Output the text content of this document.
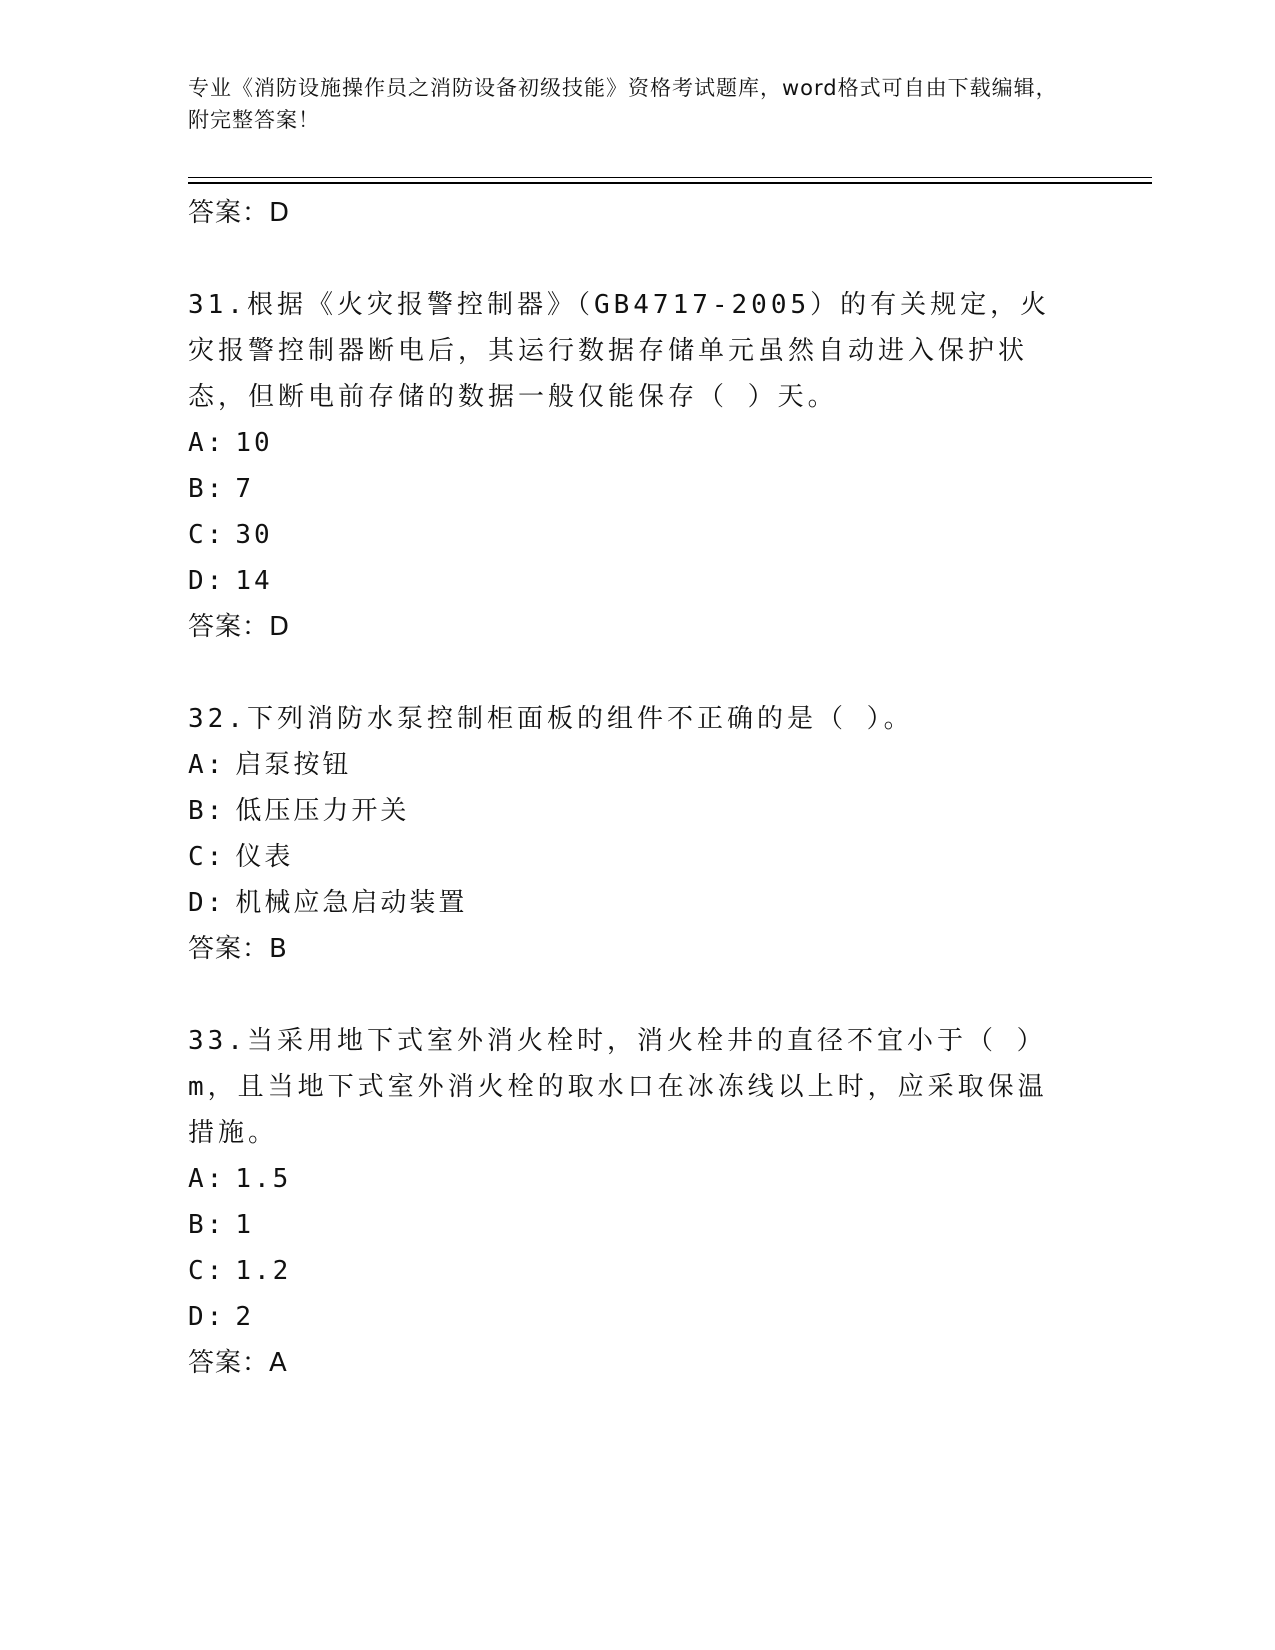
专业《消防设施操作员之消防设备初级技能》资格考试题库，word格式可自由下载编辑，附完整答案！
答案：D
31.根据《火灾报警控制器》（GB4717-2005）的有关规定，火灾报警控制器断电后，其运行数据存储单元虽然自动进入保护状态，但断电前存储的数据一般仅能保存（ ）天。
A: 10
B: 7
C: 30
D: 14
答案：D
32.下列消防水泵控制柜面板的组件不正确的是（ ）。
A: 启泵按钮
B: 低压压力开关
C: 仪表
D: 机械应急启动装置
答案：B
33.当采用地下式室外消火栓时，消火栓井的直径不宜小于（ ）m，且当地下式室外消火栓的取水口在冰冻线以上时，应采取保温措施。
A: 1.5
B: 1
C: 1.2
D: 2
答案：A
